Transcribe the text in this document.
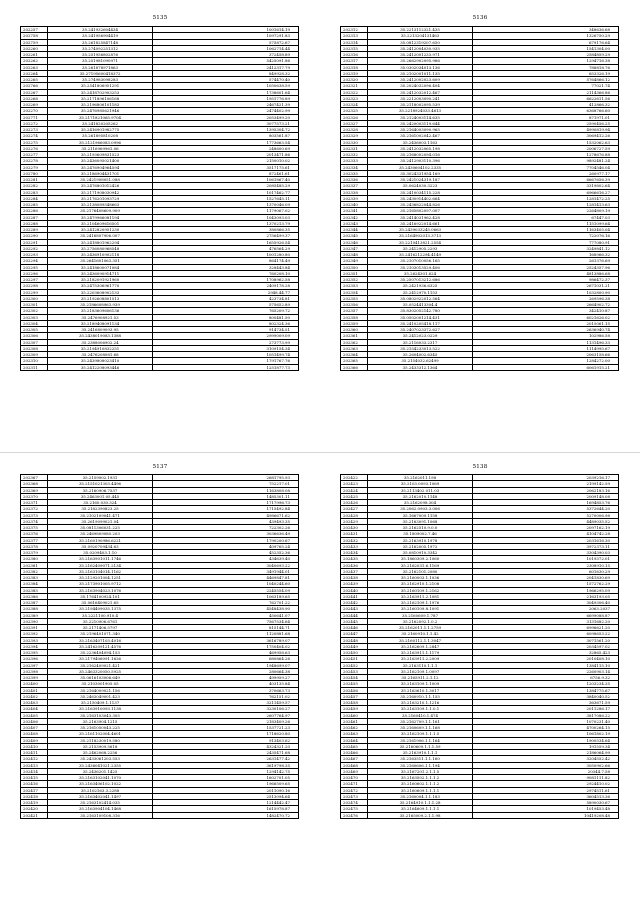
5135
202257	35.241932604434	1001614.19
202758	35.241956904419	1097291.83
202759	35.261825847148	575872.67
202260	35.274092251312	1062714.44
202261	35.251956802876	372458.89
202262	35.251981090971	5425091.86
202263	35.261878971863	2412317.79
202264	35.27195600418372	849928.32
202265	35.274983098283	574470.40
202766	35.2541806951291	1050638.59
202267	35.2418702903253	1738601.64
202268	35.2171896106168	1951776.89
202269	35.2196806101183	2467421.39
202270	35.2476985621946	2474402.99
202771	35.2171821065.9704	2053499.20
202272	35.241820205262	3077573.21
202273	35.2416901982775	1395304.72
202274	35.261895810208	803561.87
202275	35.2121966083.0996	1773663.54
202276	35.2116969961.06	248600.69
202277	35.2193609831523	2013471.86
202278	35.2436095021400	2150010.02
202279	35.2476904964594	3517175.61
202780	35.2186904431701	872461.61
202281	35.2421908051.088	1061867.40
202282	35.2476801012426	2085485.29
202283	35.2171908030942	1017462.77
202284	35.2176201093729	1527645.11
202285	35.2138089548663	1370046.09
202286	35.2176408609.909	1179067.02
202287	35.2479966081194	1043093.03
202288	35.2104609616501	1370213.79
202289	35.2412820951230	380866.35
202290	35.2416807906.007	2756499.37
202291	35.2418801962294	1655926.54
202292	35.2756080968548	476564.29
202293	35.2436910902118	1001280.80
202294	35.2641601063.351	864174.49
202295	35.2418600071084	328443.84
202296	35.2436090914711	760208.10
202297	35.2182091921960	1708962.58
202298	35.2475306961770	2409178.28
202299	35.2203608902133	2948.44.77
202300	35.2192608801513	423734.81
202301	35.2186608963.939	575652.89
202302	35.2183609606136	765209.72
202303	35.2476908921.53	800481.50
202304	35.2189408091134	802324.36
202305	35.2416809093.95	914734.51
202306	35.2438019083.1388	2999009.09
202307	35.2388006902.24	273773.99
202308	35.2194910832251	3109154.34
202309	35.2476208081.68	1051499.74
202310	35.2439808023410	1791767.76
202311	35.2412208093446	1251877.73
5136
202312	35.2213112321.435	348636.68
202313	35.2213204131463	1326750.29
202314	35.0812319207.650	679176.64
202315	35.2412004030.935	1541304.00
202316	35.2412001233.971	2584859.29
202317	35.2662902095.966	1294716.38
202318	35.0302034013.136	788818.76
202319	35.2102001011.135	653326.19
202320	35.2412002023.609	5764866.12
202321	35.2024032096.404	77021.74
202322	35.2412032012.467	2114366.86
202323	35.2212003090.241	6622611.56
202324	35.2118002095.539	412866.32
202325	35.2218924033.4613	6368766.60
202326	35.2124003114.635	871971.01
202327	35.2420003119.644	2590456.25
202328	35.2164003090.965	4990819.94
202329	35.2161002042.467	3069412.26
202330	35.2436003.1163	1532062.63
202331	35.2412032065.198	2006727.59
202332	35.2168002094.016	1278676.88
202333	35.2412903110.396	9892481.24
202334	35.2430604102.2335	7704546.04
202335	35.3024331954.169	260977.17
202336	35.2421024319.187	6667656.39
202337	35.0624030.3223	3319802.64
202338	35.2410034115.228	6966616.27
202339	35.2430914402.664	1281472.25
202340	35.2436822044.826	1281413.63
202341	35.2165802097.007	2264809.19
202342	35.2414031962.428	67447.03
202343	35.2416922014.661	1151099.64
202344	35.2439033245.0663	1163405.04
202345	35.2164902013.3713	722076.16
202346	35.2210413821.2554	777080.91
202347	35.2412905.2293	3249841.12
202348	35.2416212294.4149	168966.32
202349	35.2107010056.165	261376.69
202350	35.2103013529.406	2524357.96
202351	35.2624301.624	4813886.68
202352	35.2507013212.686	986472.37
202353	35.2421936.6325	2671031.21
202354	35.2412970.1153	1032800.90
202355	35.0802922012.564	269596.38
202356	35.0524413304.4	2664902.72
202357	35.8302052142.780	342410.87
202358	35.0502001214.431	6021626.02
202359	35.2410205418.117	2015061.15
202360	35.2407023372.627	2636940.74
202361	35.2412023.0229	102986.58
202362	35.2116033.2317	1131496.33
202363	35.2154233013.522	1114995.67
202364	35.2604002.6345	2063158.66
202365	35.2154032.62499	1284272.00
202366	35.2433312.1364	6061915.21
5137
202367	35.2159002.1931	2681795.93
202368	35.2151021303.4496	752217.01
202369	35.2160906.7537	1163808.08
202370	35.2463001.05.445	1485301.11
202371	35.2160.030.324	1717996.73
202372	35.2182390823.25	1715492.84
202373	35.2102109041.471	4986671.62
202374	35.2619099021.04	439493.35
202375	35.0811306031.225	722302.26
202376	35.2469809080.203	3036636.49
202377	35.2160190986.6221	1790200.67
202378	35.0920709434.63	409765.24
202379	35.0209403.1.10	452352.36
202380	35.2163901011.1746	434639.40
202381	35.2162409071.2134	3040693.22
202382	35.2163104014.1162	3491944.01
202383	35.2129201004.1251	4469847.81
202384	35.2173901005.9712	1040244.60
202385	35.2163904023.1076	2245554.09
202386	35.1764100924.101	1063189.65
202387	35.0616409021.65	762701.22
202388	35.2194409035.1375	4548438.90
202389	35.2221100.910.4	450641.07
202390	35.2210906.6761	7567534.64
202391	35.2171406.5797	815144.71
202392	35.2196401071.340	1120881.68
202393	35.2163407103.4016	3616789.07
202394	35.2416209121.4576	1750404.02
202395	35.2236404094.153	469958.63
202396	35.2179406091.1626	680864.26
202397	35.2162409021.421	1948699.07
202398	35.2463320050.5925	280664.38
202399	35.0616103006.649	499959.27
202400	35.2103001905.05	403135.84
202401	35.2164009021.156	370663.73
202402	35.2463049001.423	762151.02
202403	35.2150409.1.1137	3211459.57
202404	35.2163910093.1138	3230106.27
202405	35.2163103043.305	2607764.97
202406	35.2163904.1215	2183409.26
202407	35.2161050043.225	1537721.23
202408	35.2161102004.4601	1718620.80
202409	35.2118230019.580	913403.62
202410	35.2153909.5618	4324321.20
202411	35.2462068.2256	2435471.68
202412	35.2433061203.553	2631477.42
202413	35.2436041021.2355	3619798.35
202414	35.2436201.1425	1294142.75
202415	35.2163102041.1070	1602701.05
202416	35.2163406102.1022	1966509.65
202417	35.2102163.3.2288	2011090.16
202418	35.2163402041.1497	2513094.64
202419	35.2163102414.035	1214442.47
202420	35.2163904104.1468	1615978.87
202421	35.2163109108.316	1482470.72
5138
202422	35.2162011.198	2039216.17
202423	35.2103.0093.1069	2199142.59
202424	35.2113402.011.03	2062183.16
202425	35.2162010.1148	2009148.08
202426	35.2162098.304	1694853.76
202427	35.2062.0903.3.006	5372644.20
202428	35.1667009.1158	5270006.98
202429	35.2163091.1068	4489035.52
202430	35.2162510.9.0.0	2097162.19
202431	35.1809002.7.46	4104742.28
202432	35.2163910.1978	2031616.30
202433	35.2162005.1972	3972373.11
202434	35.0810910.3342	3304390.03
202435	35.1860309.2.1060	1019372.01
202436	35.2162031.6.1169	2308910.15
202437	35.2162101.2080	601630.29
202438	35.2160003.1.1036	2041830.69
202439	35.2162910.1.2108	1572762.29
202440	35.2160109.1.2162	1966295.09
202441	35.2163911.2.1081	2163193.05
202442	35.2162109.1.1976	3049306.40
202443	35.2160109.8.1091	2063.2037
202444	35.2160609.1.787	6699088.87
202445	35.2162092.1.0.2	3131682.20
202446	35.2162011.1.1.2759	6996621.20
202447	35.2160910.1.1.42	6098653.22
202448	35.2160112.1.1.3047	3071561.20
202449	35.2162609.1.2847	2034597.02
202450	35.2163911.1.1179	32865.423
202451	35.2163911.2.2009	2010408.10
202452	35.2163110.1.1.1	1384115.10
202453	35.2162109.1.0097	2260903.14
202454	35.2165911.2.1.12	6756.9.32
202455	35.2163109.1.1009	1203234.35
202456	35.2163610.1.3017	1384775.67
202457	35.2160910.1.1.155	3840040.52
202458	35.2163210.1.1216	363671.59
202459	35.2163109.1.1.0.1	2011286.17
202460	35.2160410.1.474	3817086.22
202461	35.2162709.1.1.161	1070231.40
202462	35.2160609.1.1.168	4700264.15
202463	35.2162109.1.1.1.5	1061802.19
202464	35.2161906.1.1.164	1900534.64
202465	35.2160609.1.1.1.59	191559.34
202466	35.2163910.1.1.1	2186064.99
202467	35.2163511.1.1.160	3204552.42
202468	35.2160606.1.1.194	3050902.66
202469	35.2167201.2.1.1.5	20344.7.58
202470	35.2163502.1.1.1.2	9081111.82
202471	35.2160602.1.1.1.2	2924410.02
202472	35.2160609.1.1.1.1	2974511.61
202473	35.2160004.1.1.183	3604513.36
202474	35.2164910.1.1.1.28	5890030.67
202475	35.2164609.1.1.1.1	1019453.48
202476	35.2165009.2.1.1.98	10419208.48
